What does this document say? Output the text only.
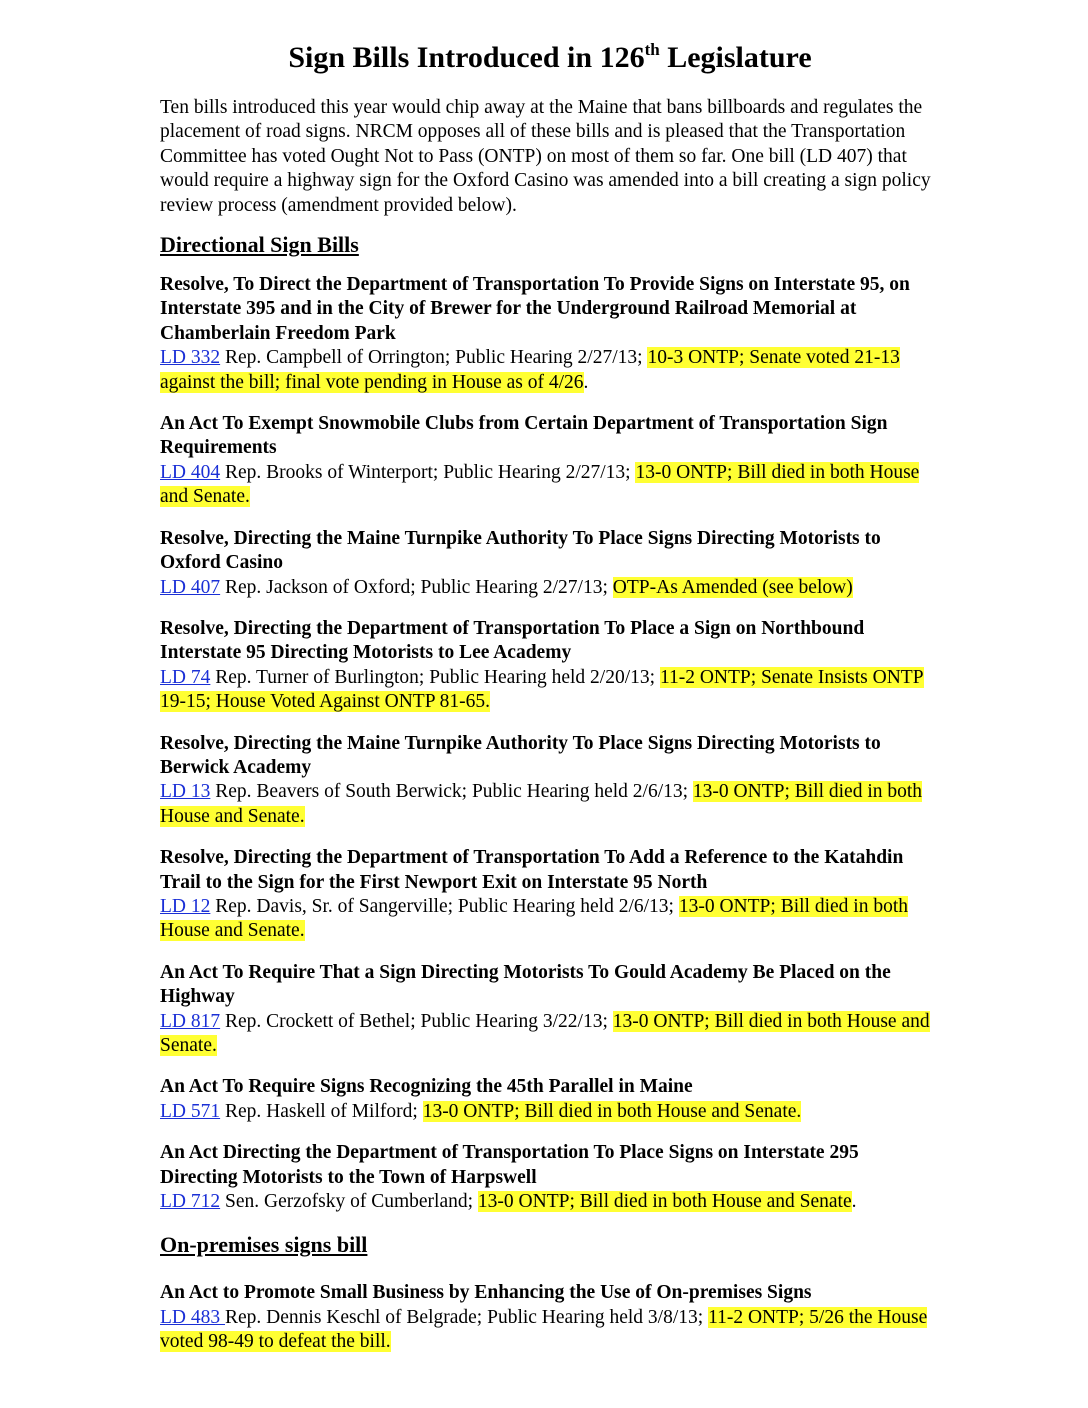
Sign Bills Introduced in 126th Legislature

Ten bills introduced this year would chip away at the Maine that bans billboards and regulates the placement of road signs. NRCM opposes all of these bills and is pleased that the Transportation Committee has voted Ought Not to Pass (ONTP) on most of them so far. One bill (LD 407) that would require a highway sign for the Oxford Casino was amended into a bill creating a sign policy review process (amendment provided below).

Directional Sign Bills
Resolve, To Direct the Department of Transportation To Provide Signs on Interstate 95, on Interstate 395 and in the City of Brewer for the Underground Railroad Memorial at Chamberlain Freedom Park
LD 332 Rep. Campbell of Orrington; Public Hearing 2/27/13; 10-3 ONTP; Senate voted 21-13 against the bill; final vote pending in House as of 4/26.
An Act To Exempt Snowmobile Clubs from Certain Department of Transportation Sign Requirements
LD 404 Rep. Brooks of Winterport; Public Hearing 2/27/13; 13-0 ONTP; Bill died in both House and Senate.
Resolve, Directing the Maine Turnpike Authority To Place Signs Directing Motorists to Oxford Casino
LD 407 Rep. Jackson of Oxford; Public Hearing 2/27/13; OTP-As Amended (see below)
Resolve, Directing the Department of Transportation To Place a Sign on Northbound Interstate 95 Directing Motorists to Lee Academy
LD 74 Rep. Turner of Burlington; Public Hearing held 2/20/13; 11-2 ONTP; Senate Insists ONTP 19-15; House Voted Against ONTP 81-65.
Resolve, Directing the Maine Turnpike Authority To Place Signs Directing Motorists to Berwick Academy
LD 13 Rep. Beavers of South Berwick; Public Hearing held 2/6/13; 13-0 ONTP; Bill died in both House and Senate.
Resolve, Directing the Department of Transportation To Add a Reference to the Katahdin Trail to the Sign for the First Newport Exit on Interstate 95 North
LD 12 Rep. Davis, Sr. of Sangerville; Public Hearing held 2/6/13; 13-0 ONTP; Bill died in both House and Senate.
An Act To Require That a Sign Directing Motorists To Gould Academy Be Placed on the Highway
LD 817 Rep. Crockett of Bethel; Public Hearing 3/22/13; 13-0 ONTP; Bill died in both House and Senate.
An Act To Require Signs Recognizing the 45th Parallel in Maine
LD 571 Rep. Haskell of Milford; 13-0 ONTP; Bill died in both House and Senate.
An Act Directing the Department of Transportation To Place Signs on Interstate 295 Directing Motorists to the Town of Harpswell
LD 712 Sen. Gerzofsky of Cumberland; 13-0 ONTP; Bill died in both House and Senate.
On-premises signs bill
An Act to Promote Small Business by Enhancing the Use of On-premises Signs
LD 483 Rep. Dennis Keschl of Belgrade; Public Hearing held 3/8/13; 11-2 ONTP; 5/26 the House voted 98-49 to defeat the bill.
